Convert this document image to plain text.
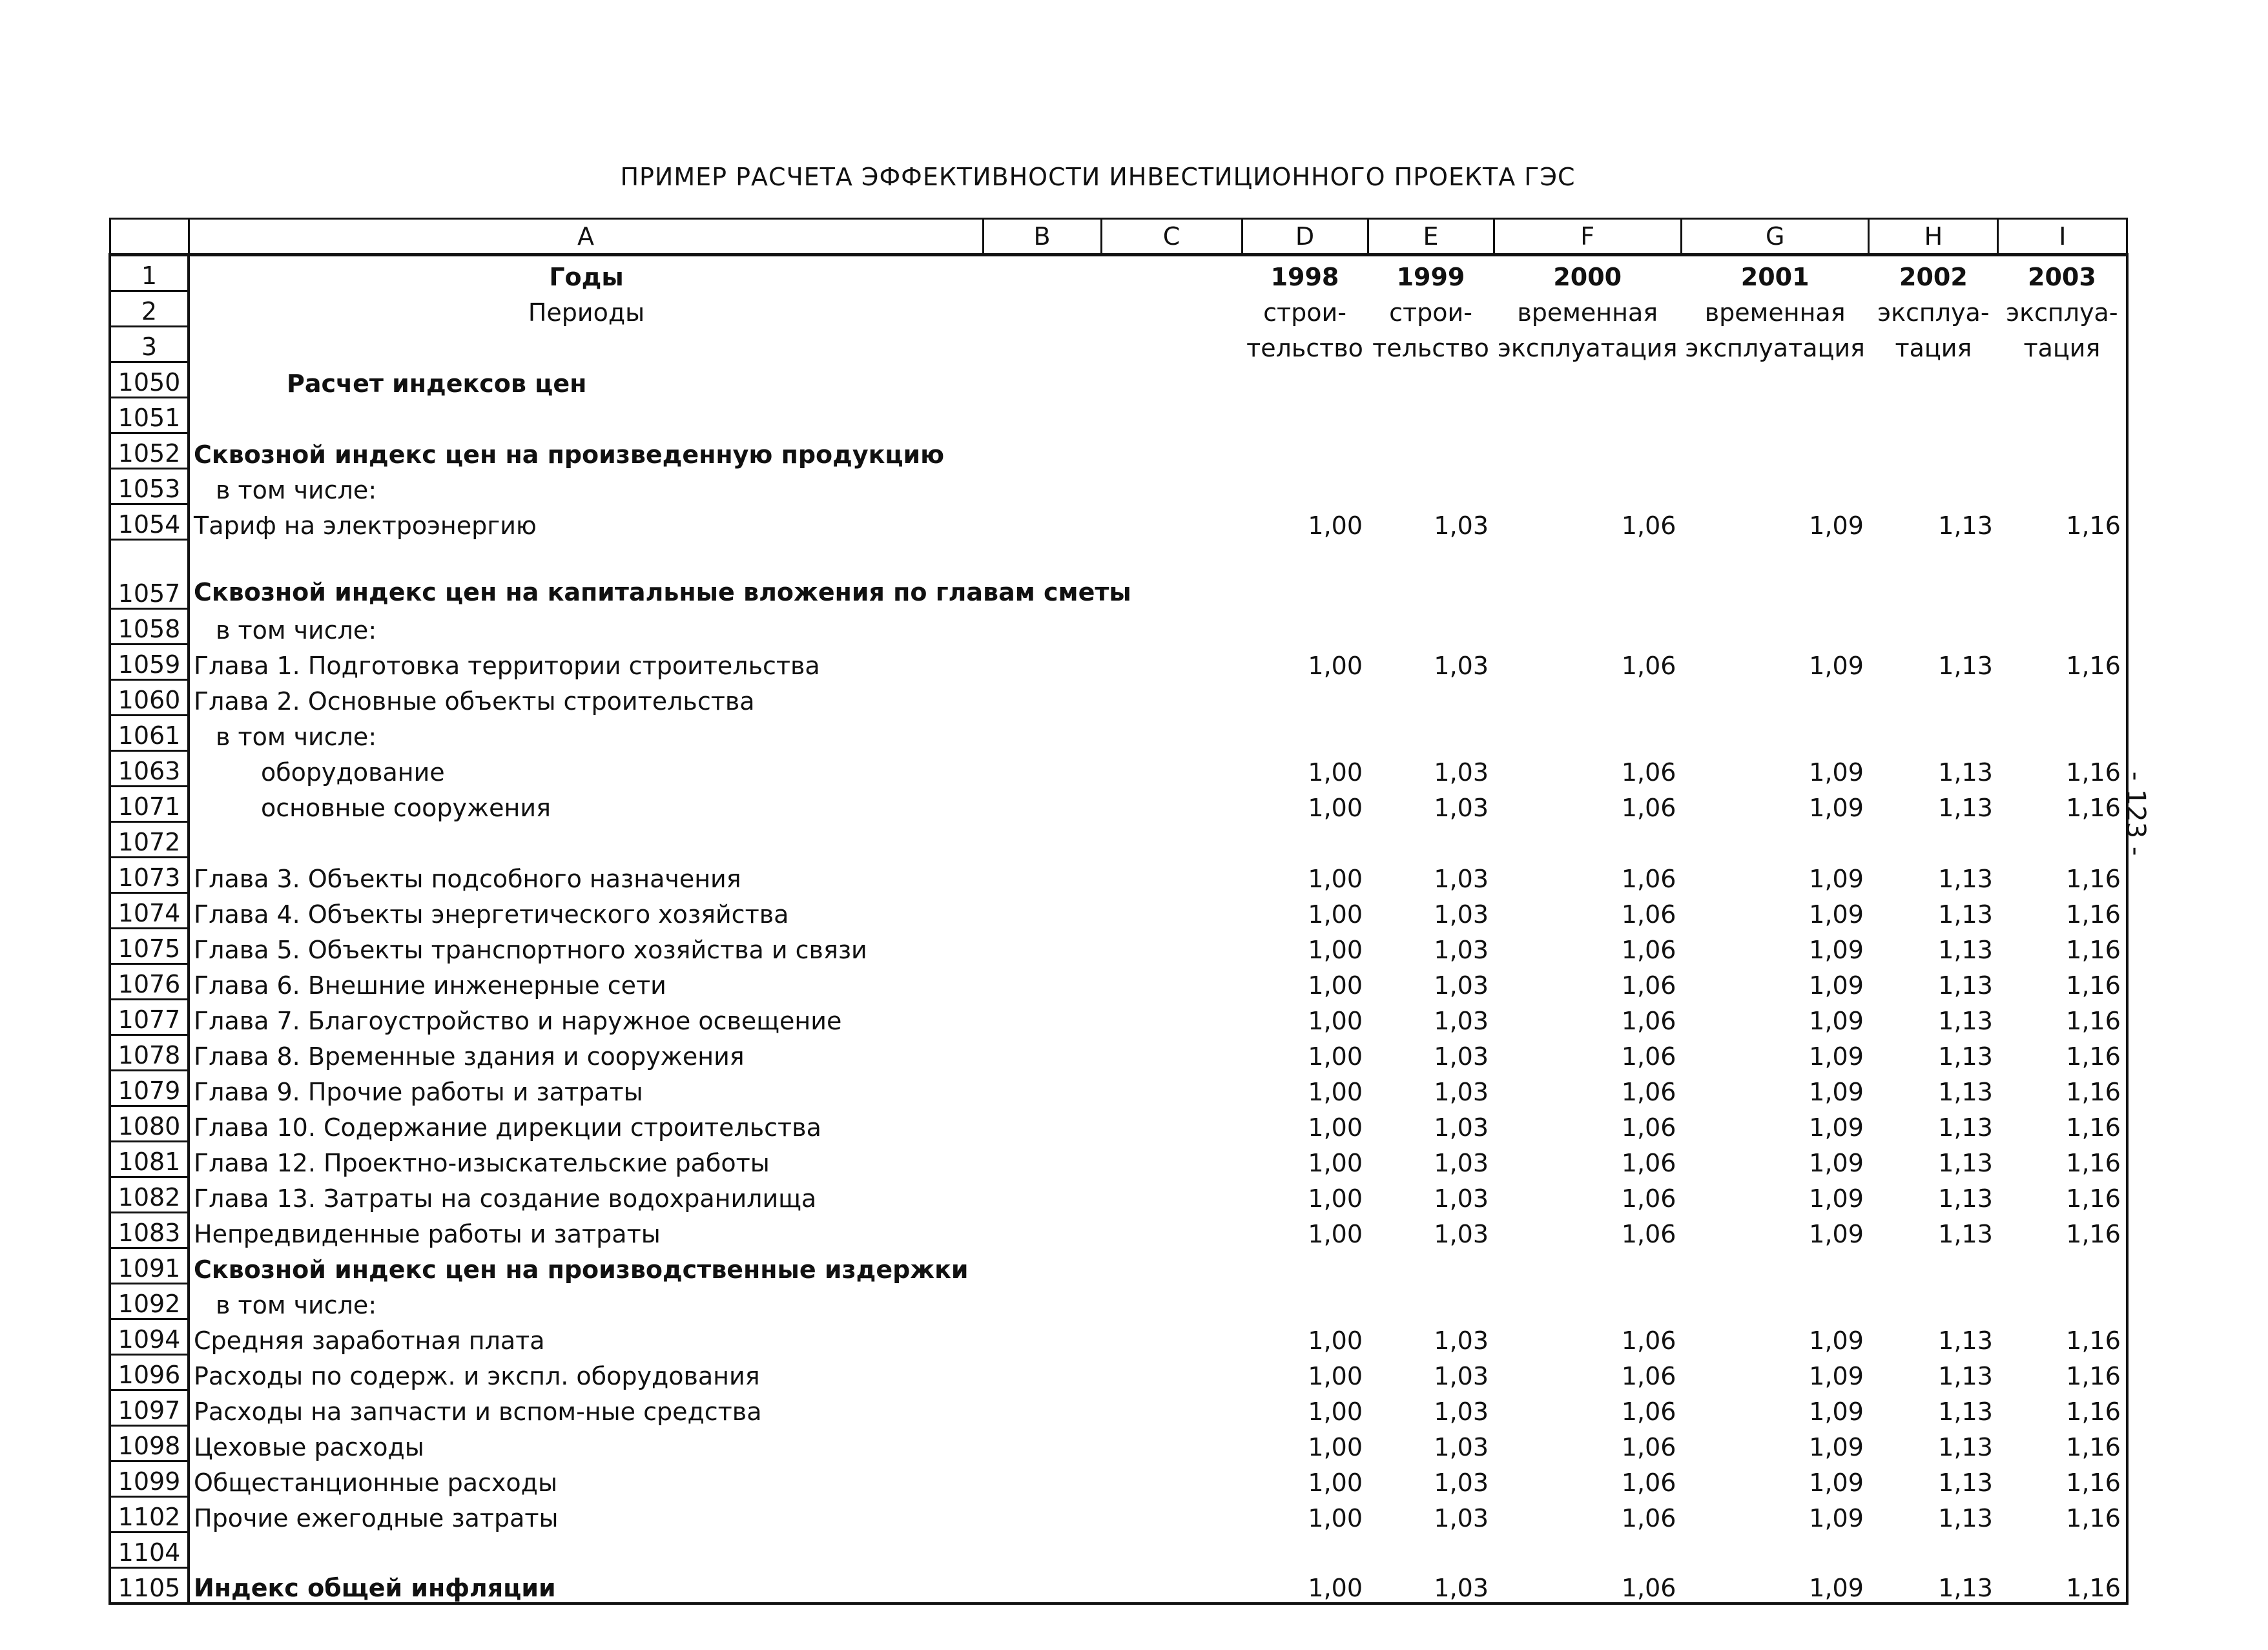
ПРИМЕР РАСЧЕТА ЭФФЕКТИВНОСТИ ИНВЕСТИЦИОННОГО ПРОЕКТА ГЭС
	A	B	C	D	E	F	G	H	I
1	Годы			1998	1999	2000	2001	2002	2003
2	Периоды			строи-	строи-	временная	временная	эксплуа-	эксплуа-
3				тельство	тельство	эксплуатация	эксплуатация	тация	тация
1050	Расчет индексов цен								
1051									
1052	Сквозной индекс цен на произведенную продукцию								
1053	в том числе:								
1054	Тариф на электроэнергию			1,00	1,03	1,06	1,09	1,13	1,16
1057	Сквозной индекс цен на капитальные вложения по главам сметы								
1058	в том числе:								
1059	Глава 1. Подготовка территории строительства			1,00	1,03	1,06	1,09	1,13	1,16
1060	Глава 2. Основные объекты строительства								
1061	в том числе:								
1063	оборудование			1,00	1,03	1,06	1,09	1,13	1,16
1071	основные сооружения			1,00	1,03	1,06	1,09	1,13	1,16
1072									
1073	Глава 3. Объекты подсобного назначения			1,00	1,03	1,06	1,09	1,13	1,16
1074	Глава 4. Объекты энергетического хозяйства			1,00	1,03	1,06	1,09	1,13	1,16
1075	Глава 5. Объекты транспортного хозяйства и связи			1,00	1,03	1,06	1,09	1,13	1,16
1076	Глава 6. Внешние инженерные сети			1,00	1,03	1,06	1,09	1,13	1,16
1077	Глава 7. Благоустройство и наружное освещение			1,00	1,03	1,06	1,09	1,13	1,16
1078	Глава 8. Временные здания и сооружения			1,00	1,03	1,06	1,09	1,13	1,16
1079	Глава 9. Прочие работы и затраты			1,00	1,03	1,06	1,09	1,13	1,16
1080	Глава 10. Содержание дирекции строительства			1,00	1,03	1,06	1,09	1,13	1,16
1081	Глава 12. Проектно-изыскательские работы			1,00	1,03	1,06	1,09	1,13	1,16
1082	Глава 13. Затраты на создание водохранилища			1,00	1,03	1,06	1,09	1,13	1,16
1083	Непредвиденные работы и затраты			1,00	1,03	1,06	1,09	1,13	1,16
1091	Сквозной индекс цен на производственные издержки								
1092	в том числе:								
1094	Средняя заработная плата			1,00	1,03	1,06	1,09	1,13	1,16
1096	Расходы по содерж. и экспл. оборудования			1,00	1,03	1,06	1,09	1,13	1,16
1097	Расходы на запчасти и вспом-ные средства			1,00	1,03	1,06	1,09	1,13	1,16
1098	Цеховые расходы			1,00	1,03	1,06	1,09	1,13	1,16
1099	Общестанционные расходы			1,00	1,03	1,06	1,09	1,13	1,16
1102	Прочие ежегодные затраты			1,00	1,03	1,06	1,09	1,13	1,16
1104									
1105	Индекс общей инфляции			1,00	1,03	1,06	1,09	1,13	1,16
- 123 -
